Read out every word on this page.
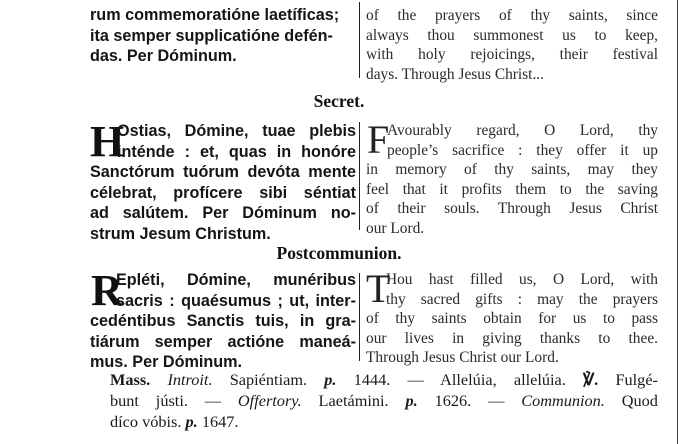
rum commemoratióne laetíficas;
ita semper supplicatióne defén-
das. Per Dóminum.
of the prayers of thy saints, since
always thou summonest us to keep,
with holy rejoicings, their festival
days. Through Jesus Christ...
Secret.
H
Ostias, Dómine, tuae plebis
inténde : et, quas in honóre
Sanctórum tuórum devóta mente
célebrat, profícere sibi séntiat
ad salútem. Per Dóminum no-
strum Jesum Christum.
F
Avourably regard, O Lord, thy
people’s sacrifice : they offer it up
in memory of thy saints, may they
feel that it profits them to the saving
of their souls. Through Jesus Christ
our Lord.
Postcommunion.
R
Epléti, Dómine, munéribus
sacris : quaésumus ; ut, inter-
cedéntibus Sanctis tuis, in gra-
tiárum semper actióne maneá-
mus. Per Dóminum.
T
Hou hast filled us, O Lord, with
thy sacred gifts : may the prayers
of thy saints obtain for us to pass
our lives in giving thanks to thee.
Through Jesus Christ our Lord.
Mass. Introit. Sapiéntiam. p. 1444. — Allelúia, allelúia. ℣. Fulgé-
bunt jústi. — Offertory. Laetámini. p. 1626. — Communion. Quod
díco vóbis. p. 1647.
